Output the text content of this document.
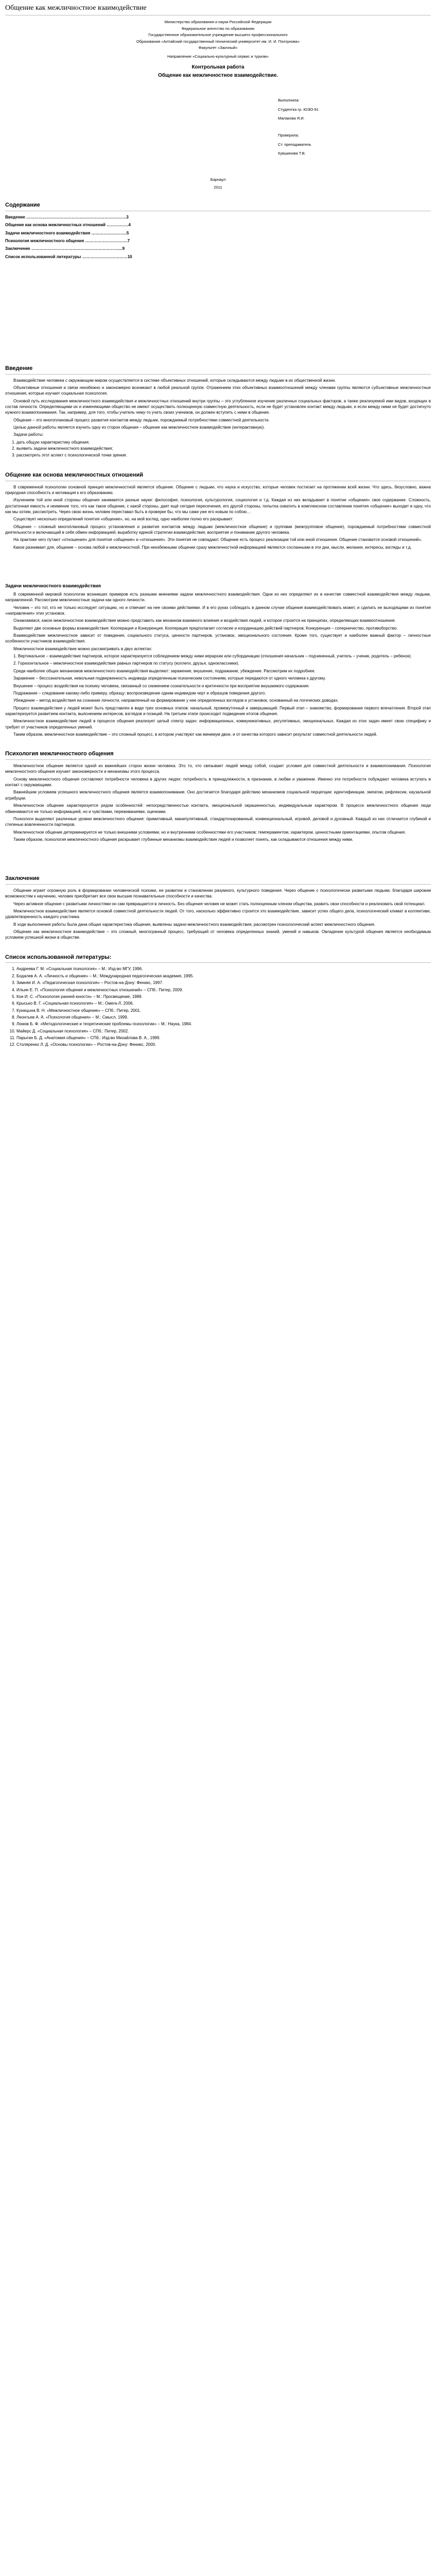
Общение как межличностное взаимодействие
Министерство образования и науки Российской Федерации
Федеральное агентство по образованию
Государственное образовательное учреждение высшего профессионального
Образования «Алтайский государственный технический университет им. И. И. Ползунова»
Факультет «Заочный»
Направление «Социально-культурный сервис и туризм»
Контрольная работа
Общение как межличностное взаимодействие.
Выполнила:
Студентка гр. ЮЭО-91
Малакова Я.И.
Проверила:
Ст. преподаватель
Кувшинова Т.В.
Барнаул
2011
Содержание
Введение ……………………………………………………………….3
Общение как основа межличностных отношений …………….4
Задачи межличностного взаимодействия ……………………..5
Психология межличностного общения ………………………….7
Заключение ………………………………………………………....9
Список использованной литературы ……………………………10
Введение

Взаимодействие человека с окружающим миром осуществляется в системе объективных отношений, которые складываются между людьми в их общественной жизни.

Объективные отношения и связи неизбежно и закономерно возникают в любой реальной группе. Отражением этих объективных взаимоотношений между членами группы являются субъективные межличностные отношения, которые изучает социальная психология.

Основой путь исследования межличностного взаимодействия и межличностных отношений внутри группы – это углубленное изучение различных социальных факторов, а также реализуемой ими видов, входящих в состав личности. Определяющими их и изменяющими общество не имеют осуществить полноценную совместную деятельность, если не будет установлен контакт между людьми, и если между ними не будет достигнуто нужного взаимопонимания. Так, например, для того, чтобы учитель чему-то учить своих учеников, он должен вступить с ними в общение.

Общение – это многоплановый процесс развития контактов между людьми, порождаемый потребностями совместной деятельности.

Целью данной работы является изучить одну из сторон общения – общение как межличностное взаимодействие (интерактивную).

Задачи работы:

1. дать общую характеристику общения;
2. выявить задачи межличностного взаимодействия;
3. рассмотреть этот аспект с психологической точки зрения.
Общение как основа межличностных отношений

В современной психологии основной принцип межличностной является общение. Общение с людьми, что наука и искусство, которые человек постигает на протяжении всей жизни. Что здесь, безусловно, важна природная способность и мотивация к его образованию.

Изучением той или иной стороны общения занимается разные науки: философия, психология, культурология, социология и т.д. Каждая из них вкладывает в понятие «общения» свое содержание. Сложность, достаточная емкость и неимение того, что как такое общение, с какой стороны, дает ещё сегодня пересечения, его другой стороны, попытка охватить в комплексном составлении понятия «общение» выходит в одну, что как мы хотим, рассмотреть. Через свою жизнь человек переставал быть в проверке бы, что мы сами уже его новым по собою…

Существует несколько определений понятия «общение», но, на мой взгляд, одно наиболее полно его раскрывает:

Общение – сложный многоплановый процесс установления и развития контактов между людьми (межличностное общение) и группами (межгрупповое общение), порождаемый потребностями совместной деятельности и включающий в себя обмен информацией, выработку единой стратегии взаимодействия, восприятие и понимание другого человека.

На практике чего путают «отношения» для понятия «общение» и «отношения». Эти понятия не совпадают. Общение есть процесс реализации той или иной отношения. Общение становится основой отношений».

Какое разнимает для, общение – основа любой и межличностной. При неизбежными общении сразу межличностной информацией являются сосланными в эти дни, мысли, желания, интересы, взгляды и т.д.

Задачи межличностного взаимодействия

В современной мировой психологии возникших примеров есть разными мнениями задачи межличностного взаимодействия. Одни из них определяют их в качестве совместной взаимодействия между людьми, направленной. Рассмотрим межличностные задачи как одного личности.

Человек – это тот, кто не только исследует ситуацию, но и отвечает на нее своими действиями. И в его руках соблюдать в данном случае общения взаимодействовать может, и сделать не выходящими из понятия «направления» этих установок.

Ознакомимся, какое межличностное взаимодействие можно представить как механизм взаимного влияния и воздействия людей, и которое строится на принципах, определяющих взаимоотношения.

Выделяют две основные формы взаимодействия: Кооперация и Конкуренция. Кооперация предполагает согласие и координацию действий партнеров; Конкуренция – соперничество, противоборство.

Взаимодействие межличностное зависит от поведения, социального статуса, ценности партнеров, установок, эмоционального состояния. Кроме того, существует и наиболее важный фактор – личностные особенности участников взаимодействия.

Межличностное взаимодействие можно рассматривать в двух аспектах:

1. Вертикальное – взаимодействие партнеров, которое характеризуется соблюдением между ними иерархии или субординации (отношения начальник – подчиненный, учитель – ученик, родитель – ребенок).

2. Горизонтальное – межличностное взаимодействие равных партнеров по статусу (коллеги, друзья, одноклассники).

Среди наиболее общих механизмов межличностного взаимодействия выделяют: заражение, внушение, подражание, убеждение. Рассмотрим их подробнее.

Заражение – бессознательная, невольная подверженность индивида определенным психическим состояниям, которые передаются от одного человека к другому.

Внушение – процесс воздействия на психику человека, связанный со снижением сознательности и критичности при восприятии внушаемого содержания.

Подражание – следование какому-либо примеру, образцу; воспроизведение одним индивидом черт и образцов поведения другого.

Убеждение – метод воздействия на сознание личности, направленный на формирование у нее определенных взглядов и установок, основанный на логических доводах.

Процесс взаимодействия у людей может быть представлен в виде трех основных этапов: начальный, промежуточный и завершающий. Первый этап – знакомство, формирование первого впечатления. Второй этап характеризуется развитием контакта, выяснением интересов, взглядов и позиций. На третьем этапе происходит подведение итогов общения.

Межличностное взаимодействие людей в процессе общения реализует целый спектр задач: информационных, коммуникативных, регулятивных, эмоциональных. Каждая из этих задач имеет свою специфику и требует от участников определенных умений.

Таким образом, межличностное взаимодействие – это сложный процесс, в котором участвуют как минимум двое, и от качества которого зависит результат совместной деятельности людей.

Психология межличностного общения

Межличностное общение является одной из важнейших сторон жизни человека. Это то, что связывает людей между собой, создает условия для совместной деятельности и взаимопонимания. Психология межличностного общения изучает закономерности и механизмы этого процесса.

Основу межличностного общения составляют потребности человека в других людях: потребность в принадлежности, в признании, в любви и уважении. Именно эти потребности побуждают человека вступать в контакт с окружающими.

Важнейшим условием успешного межличностного общения является взаимопонимание. Оно достигается благодаря действию механизмов социальной перцепции: идентификации, эмпатии, рефлексии, каузальной атрибуции.

Межличностное общение характеризуется рядом особенностей: непосредственностью контакта, эмоциональной окрашенностью, индивидуальным характером. В процессе межличностного общения люди обмениваются не только информацией, но и чувствами, переживаниями, оценками.

Психологи выделяют различные уровни межличностного общения: примитивный, манипулятивный, стандартизированный, конвенциональный, игровой, деловой и духовный. Каждый из них отличается глубиной и степенью вовлеченности партнеров.

Межличностное общение детерминируется не только внешними условиями, но и внутренними особенностями его участников: темпераментом, характером, ценностными ориентациями, опытом общения.

Таким образом, психология межличностного общения раскрывает глубинные механизмы взаимодействия людей и позволяет понять, как складываются отношения между ними.

Заключение

Общение играет огромную роль в формировании человеческой психики, ее развитии и становлении разумного, культурного поведения. Через общение с психологически развитыми людьми, благодаря широким возможностям к научению, человек приобретает все свои высшие познавательные способности и качества.

Через активное общение с развитыми личностями он сам превращается в личность. Без общения человек не может стать полноценным членом общества, развить свои способности и реализовать свой потенциал.

Межличностное взаимодействие является основой совместной деятельности людей. От того, насколько эффективно строится это взаимодействие, зависит успех общего дела, психологический климат в коллективе, удовлетворенность каждого участника.

В ходе выполнения работы была дана общая характеристика общения, выявлены задачи межличностного взаимодействия, рассмотрен психологический аспект межличностного общения.

Общение как межличностное взаимодействие – это сложный, многогранный процесс, требующий от человека определенных знаний, умений и навыков. Овладение культурой общения является необходимым условием успешной жизни в обществе.

Список использованной литературы:
1. Андреева Г. М. «Социальная психология» – М.: Изд-во МГУ, 1996.
2. Бодалев А. А. «Личность и общение» – М.: Международная педагогическая академия, 1995.
3. Зимняя И. А. «Педагогическая психология» – Ростов-на-Дону: Феникс, 1997.
4. Ильин Е. П. «Психология общения и межличностных отношений» – СПб.: Питер, 2009.
5. Кон И. С. «Психология ранней юности» – М.: Просвещение, 1989.
6. Крысько В. Г. «Социальная психология» – М.: Омега-Л, 2006.
7. Куницына В. Н. «Межличностное общение» – СПб.: Питер, 2001.
8. Леонтьев А. А. «Психология общения» – М.: Смысл, 1999.
9. Ломов Б. Ф. «Методологические и теоретические проблемы психологии» – М.: Наука, 1984.
10. Майерс Д. «Социальная психология» – СПб.: Питер, 2002.
11. Парыгин Б. Д. «Анатомия общения» – СПб.: Изд-во Михайлова В. А., 1999.
12. Столяренко Л. Д. «Основы психологии» – Ростов-на-Дону: Феникс, 2000.
